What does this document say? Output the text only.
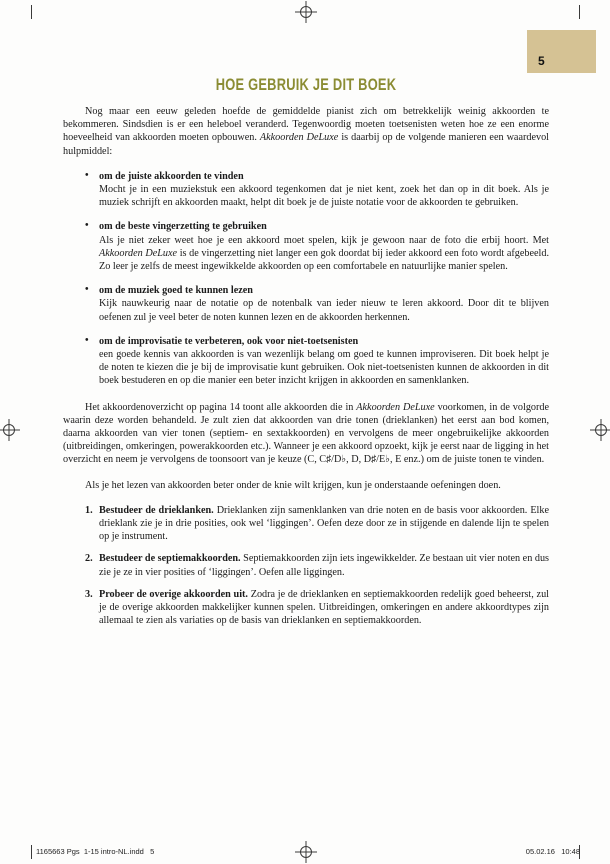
5
HOE GEBRUIK JE DIT BOEK

Nog maar een eeuw geleden hoefde de gemiddelde pianist zich om betrekkelijk weinig akkoorden te bekommeren. Sindsdien is er een heleboel veranderd. Tegenwoordig moeten toetsenisten weten hoe ze een enorme hoeveelheid van akkoorden moeten opbouwen. Akkoorden DeLuxe is daarbij op de volgende manieren een waardevol hulpmiddel:

• om de juiste akkoorden te vinden
Mocht je in een muziekstuk een akkoord tegenkomen dat je niet kent, zoek het dan op in dit boek. Als je muziek schrijft en akkoorden maakt, helpt dit boek je de juiste notatie voor de akkoorden te gebruiken.
• om de beste vingerzetting te gebruiken
Als je niet zeker weet hoe je een akkoord moet spelen, kijk je gewoon naar de foto die erbij hoort. Met Akkoorden DeLuxe is de vingerzetting niet langer een gok doordat bij ieder akkoord een foto wordt afgebeeld. Zo leer je zelfs de meest ingewikkelde akkoorden op een comfortabele en natuurlijke manier spelen.
• om de muziek goed te kunnen lezen
Kijk nauwkeurig naar de notatie op de notenbalk van ieder nieuw te leren akkoord. Door dit te blijven oefenen zul je veel beter de noten kunnen lezen en de akkoorden herkennen.
• om de improvisatie te verbeteren, ook voor niet-toetsenisten
een goede kennis van akkoorden is van wezenlijk belang om goed te kunnen improviseren. Dit boek helpt je de noten te kiezen die je bij de improvisatie kunt gebruiken. Ook niet-toetsenisten kunnen de akkoorden in dit boek bestuderen en op die manier een beter inzicht krijgen in akkoorden en samenklanken.

Het akkoordenoverzicht op pagina 14 toont alle akkoorden die in Akkoorden DeLuxe voorkomen, in de volgorde waarin deze worden behandeld. Je zult zien dat akkoorden van drie tonen (drieklanken) het eerst aan bod komen, daarna akkoorden van vier tonen (septiem- en sextakkoorden) en vervolgens de meer ongebruikelijke akkoorden (uitbreidingen, omkeringen, powerakkoorden etc.). Wanneer je een akkoord opzoekt, kijk je eerst naar de ligging in het overzicht en neem je vervolgens de toonsoort van je keuze (C, C♯/D♭, D, D♯/E♭, E enz.) om de juiste tonen te vinden.

Als je het lezen van akkoorden beter onder de knie wilt krijgen, kun je onderstaande oefeningen doen.

1. Bestudeer de drieklanken. Drieklanken zijn samenklanken van drie noten en de basis voor akkoorden. Elke drieklank zie je in drie posities, ook wel ‘liggingen’. Oefen deze door ze in stijgende en dalende lijn te spelen op je instrument.
2. Bestudeer de septiemakkoorden. Septiemakkoorden zijn iets ingewikkelder. Ze bestaan uit vier noten en dus zie je ze in vier posities of ‘liggingen’. Oefen alle liggingen.
3. Probeer de overige akkoorden uit. Zodra je de drieklanken en septiemakkoorden redelijk goed beheerst, zul je de overige akkoorden makkelijker kunnen spelen. Uitbreidingen, omkeringen en andere akkoordtypes zijn allemaal te zien als variaties op de basis van drieklanken en septiemakkoorden.
1165663 Pgs  1-15 intro-NL.indd   5	05.02.16   10:48
